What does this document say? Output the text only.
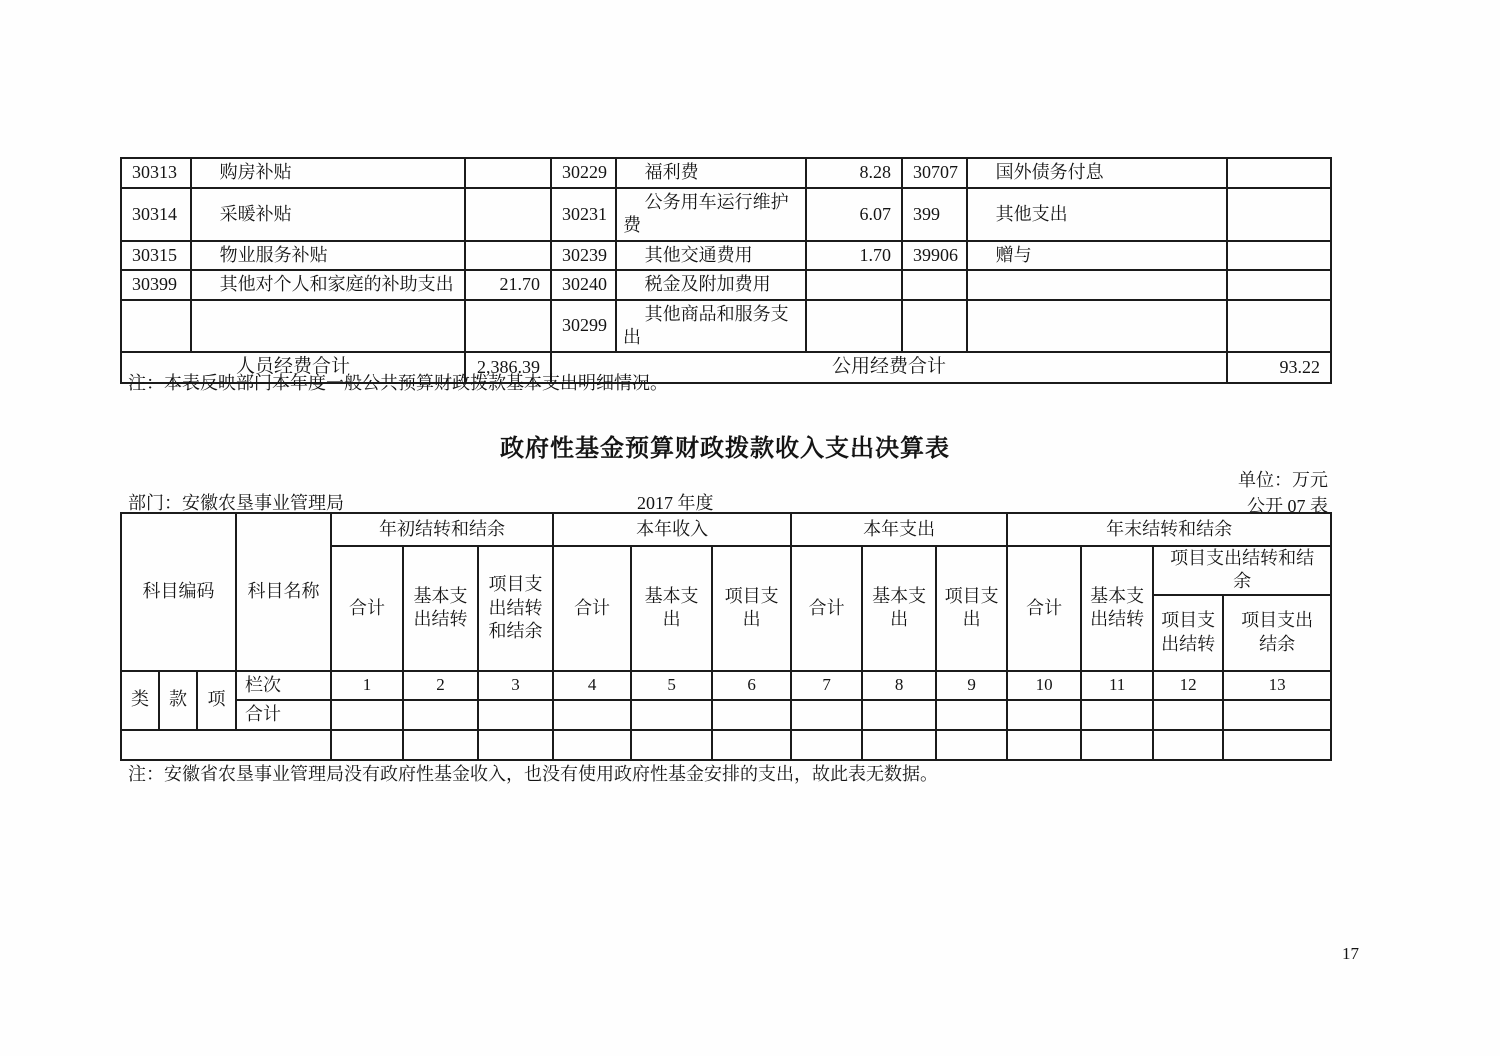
30313	购房补贴		30229	福利费	8.28	30707	国外债务付息	
30314	采暖补贴		30231	公务用车运行维护费	6.07	399	其他支出	
30315	物业服务补贴		30239	其他交通费用	1.70	39906	赠与	
30399	其他对个人和家庭的补助支出	21.70	30240	税金及附加费用				
			30299	其他商品和服务支出				
人员经费合计		2,386.39	公用经费合计					93.22
注：本表反映部门本年度一般公共预算财政拨款基本支出明细情况。
政府性基金预算财政拨款收入支出决算表
单位：万元
部门：安徽农垦事业管理局	2017 年度	公开 07 表
科目编码			科目名称	年初结转和结余			本年收入			本年支出			年末结转和结余			
				合计	基本支出结转	项目支出结转和结余	合计	基本支出	项目支出	合计	基本支出	项目支出	合计	基本支出结转	项目支出结转和结余	
															项目支出结转	项目支出结余
类	款	项	栏次	1	2	3	4	5	6	7	8	9	10	11	12	13
			合计													

注：安徽省农垦事业管理局没有政府性基金收入，也没有使用政府性基金安排的支出，故此表无数据。
17
